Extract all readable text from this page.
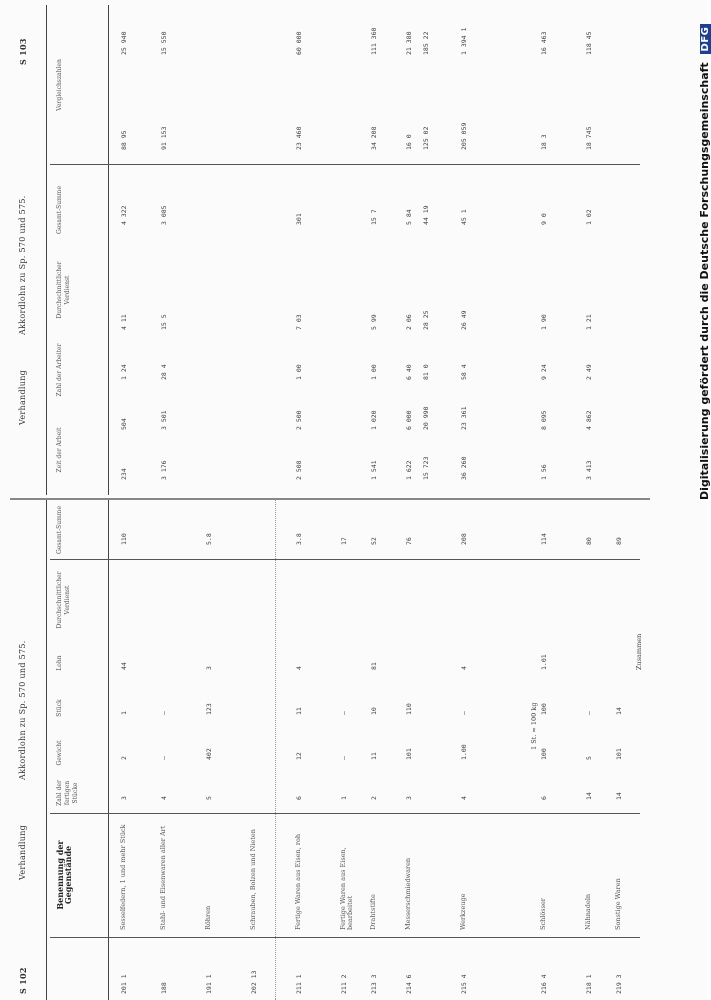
S 102
Verhandlung
Akkordlohn zu Sp. 570 und 575.
Benennung der Gegenstände
Zahl der fertigen Stücke
Gewicht
Stück
Lohn
Durchschnittlicher Verdienst
Gesamt-Summe
201 1
Sesselfedern, 1 und mehr Stück
3
2
1
44
110
188
Stahl- und Eisenwaren aller Art
4
—
—
191 1
Röhren
5
402
123
3
5.8
202 13
Schrauben, Bolzen und Nieten
211 1
Fertige Waren aus Eisen, roh
6
12
11
4
3.8
211 2
Fertige Waren aus Eisen, bearbeitet
1
—
—
17
213 3
Drahtstifte
2
11
10
81
52
214 6
Messerschmiedwaren
3
101
110
76
215 4
Werkzeuge
4
1.00
—
4
208
216 4
Schlösser
6
100
100
1.01
114
218 1
Nähnadeln
14
5
—
80
219 3
Sonstige Waren
14
101
14
89
1 St. = 100 kg
Zusammen
Verhandlung
Akkordlohn zu Sp. 570 und 575.
S 103
Zeit der Arbeit
Zahl der Arbeiter
Durchschnittlicher Verdienst
Gesamt-Summe
Vergleichszahlen
234
504
1 24
4 11
4 322
88 95
25 940
3 176
3 501
28 4
15 5
3 085
91 153
15 550
2 508
2 500
1 00
7 03
301
23 460
60 000
1 541
1 020
1 00
5 99
15 7
34 208
111 360
1 622
6 000
6 40
2 06
5 84
16 0
21 380
15 723
20 990
81 0
28 25
44 19
125 02
185 22
36 260
23 361
58 4
26 49
45 1
205 059
1 394 1
1 56
8 095
9 24
1 90
9 0
18 3
16 463
3 413
4 862
2 49
1 21
1 02
18 745
118 45
Digitalisierung gefördert durch die Deutsche Forschungsgemeinschaft DFG
